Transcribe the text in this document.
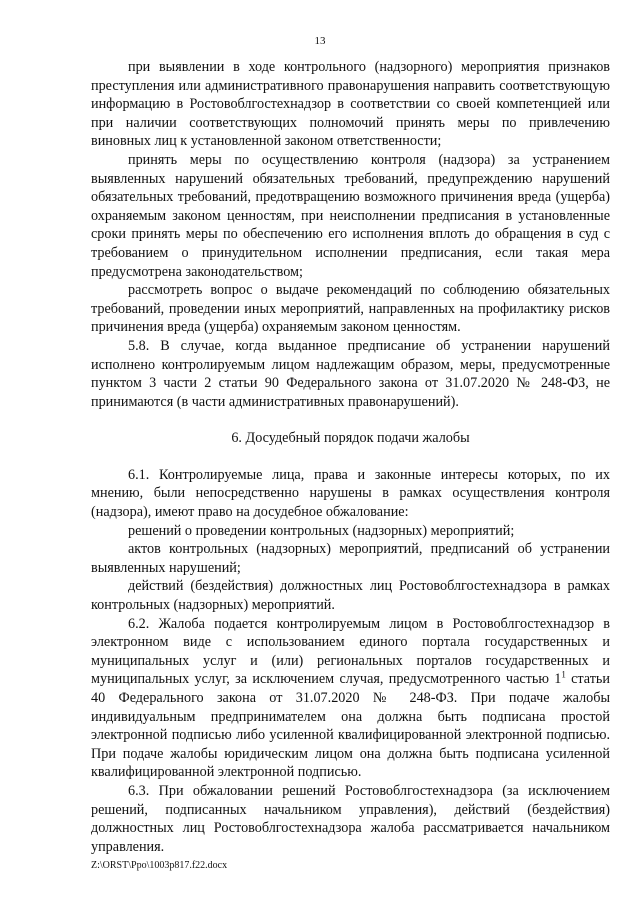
13

при выявлении в ходе контрольного (надзорного) мероприятия признаков преступления или административного правонарушения направить соответствующую информацию в Ростовоблгостехнадзор в соответствии со своей компетенцией или при наличии соответствующих полномочий принять меры по привлечению виновных лиц к установленной законом ответственности;

принять меры по осуществлению контроля (надзора) за устранением выявленных нарушений обязательных требований, предупреждению нарушений обязательных требований, предотвращению возможного причинения вреда (ущерба) охраняемым законом ценностям, при неисполнении предписания в установленные сроки принять меры по обеспечению его исполнения вплоть до обращения в суд с требованием о принудительном исполнении предписания, если такая мера предусмотрена законодательством;

рассмотреть вопрос о выдаче рекомендаций по соблюдению обязательных требований, проведении иных мероприятий, направленных на профилактику рисков причинения вреда (ущерба) охраняемым законом ценностям.

5.8. В случае, когда выданное предписание об устранении нарушений исполнено контролируемым лицом надлежащим образом, меры, предусмотренные пунктом 3 части 2 статьи 90 Федерального закона от 31.07.2020 № 248-ФЗ, не принимаются (в части административных правонарушений).

6. Досудебный порядок подачи жалобы

6.1. Контролируемые лица, права и законные интересы которых, по их мнению, были непосредственно нарушены в рамках осуществления контроля (надзора), имеют право на досудебное обжалование:

решений о проведении контрольных (надзорных) мероприятий;

актов контрольных (надзорных) мероприятий, предписаний об устранении выявленных нарушений;

действий (бездействия) должностных лиц Ростовоблгостехнадзора в рамках контрольных (надзорных) мероприятий.

6.2. Жалоба подается контролируемым лицом в Ростовоблгостехнадзор в электронном виде с использованием единого портала государственных и муниципальных услуг и (или) региональных порталов государственных и муниципальных услуг, за исключением случая, предусмотренного частью $1^1$ статьи 40 Федерального закона от 31.07.2020 № 248-ФЗ. При подаче жалобы индивидуальным предпринимателем она должна быть подписана простой электронной подписью либо усиленной квалифицированной электронной подписью. При подаче жалобы юридическим лицом она должна быть подписана усиленной квалифицированной электронной подписью.

6.3. При обжаловании решений Ростовоблгостехнадзора (за исключением решений, подписанных начальником управления), действий (бездействия) должностных лиц Ростовоблгостехнадзора жалоба рассматривается начальником управления.

Z:\ORST\Ppo\1003p817.f22.docx
